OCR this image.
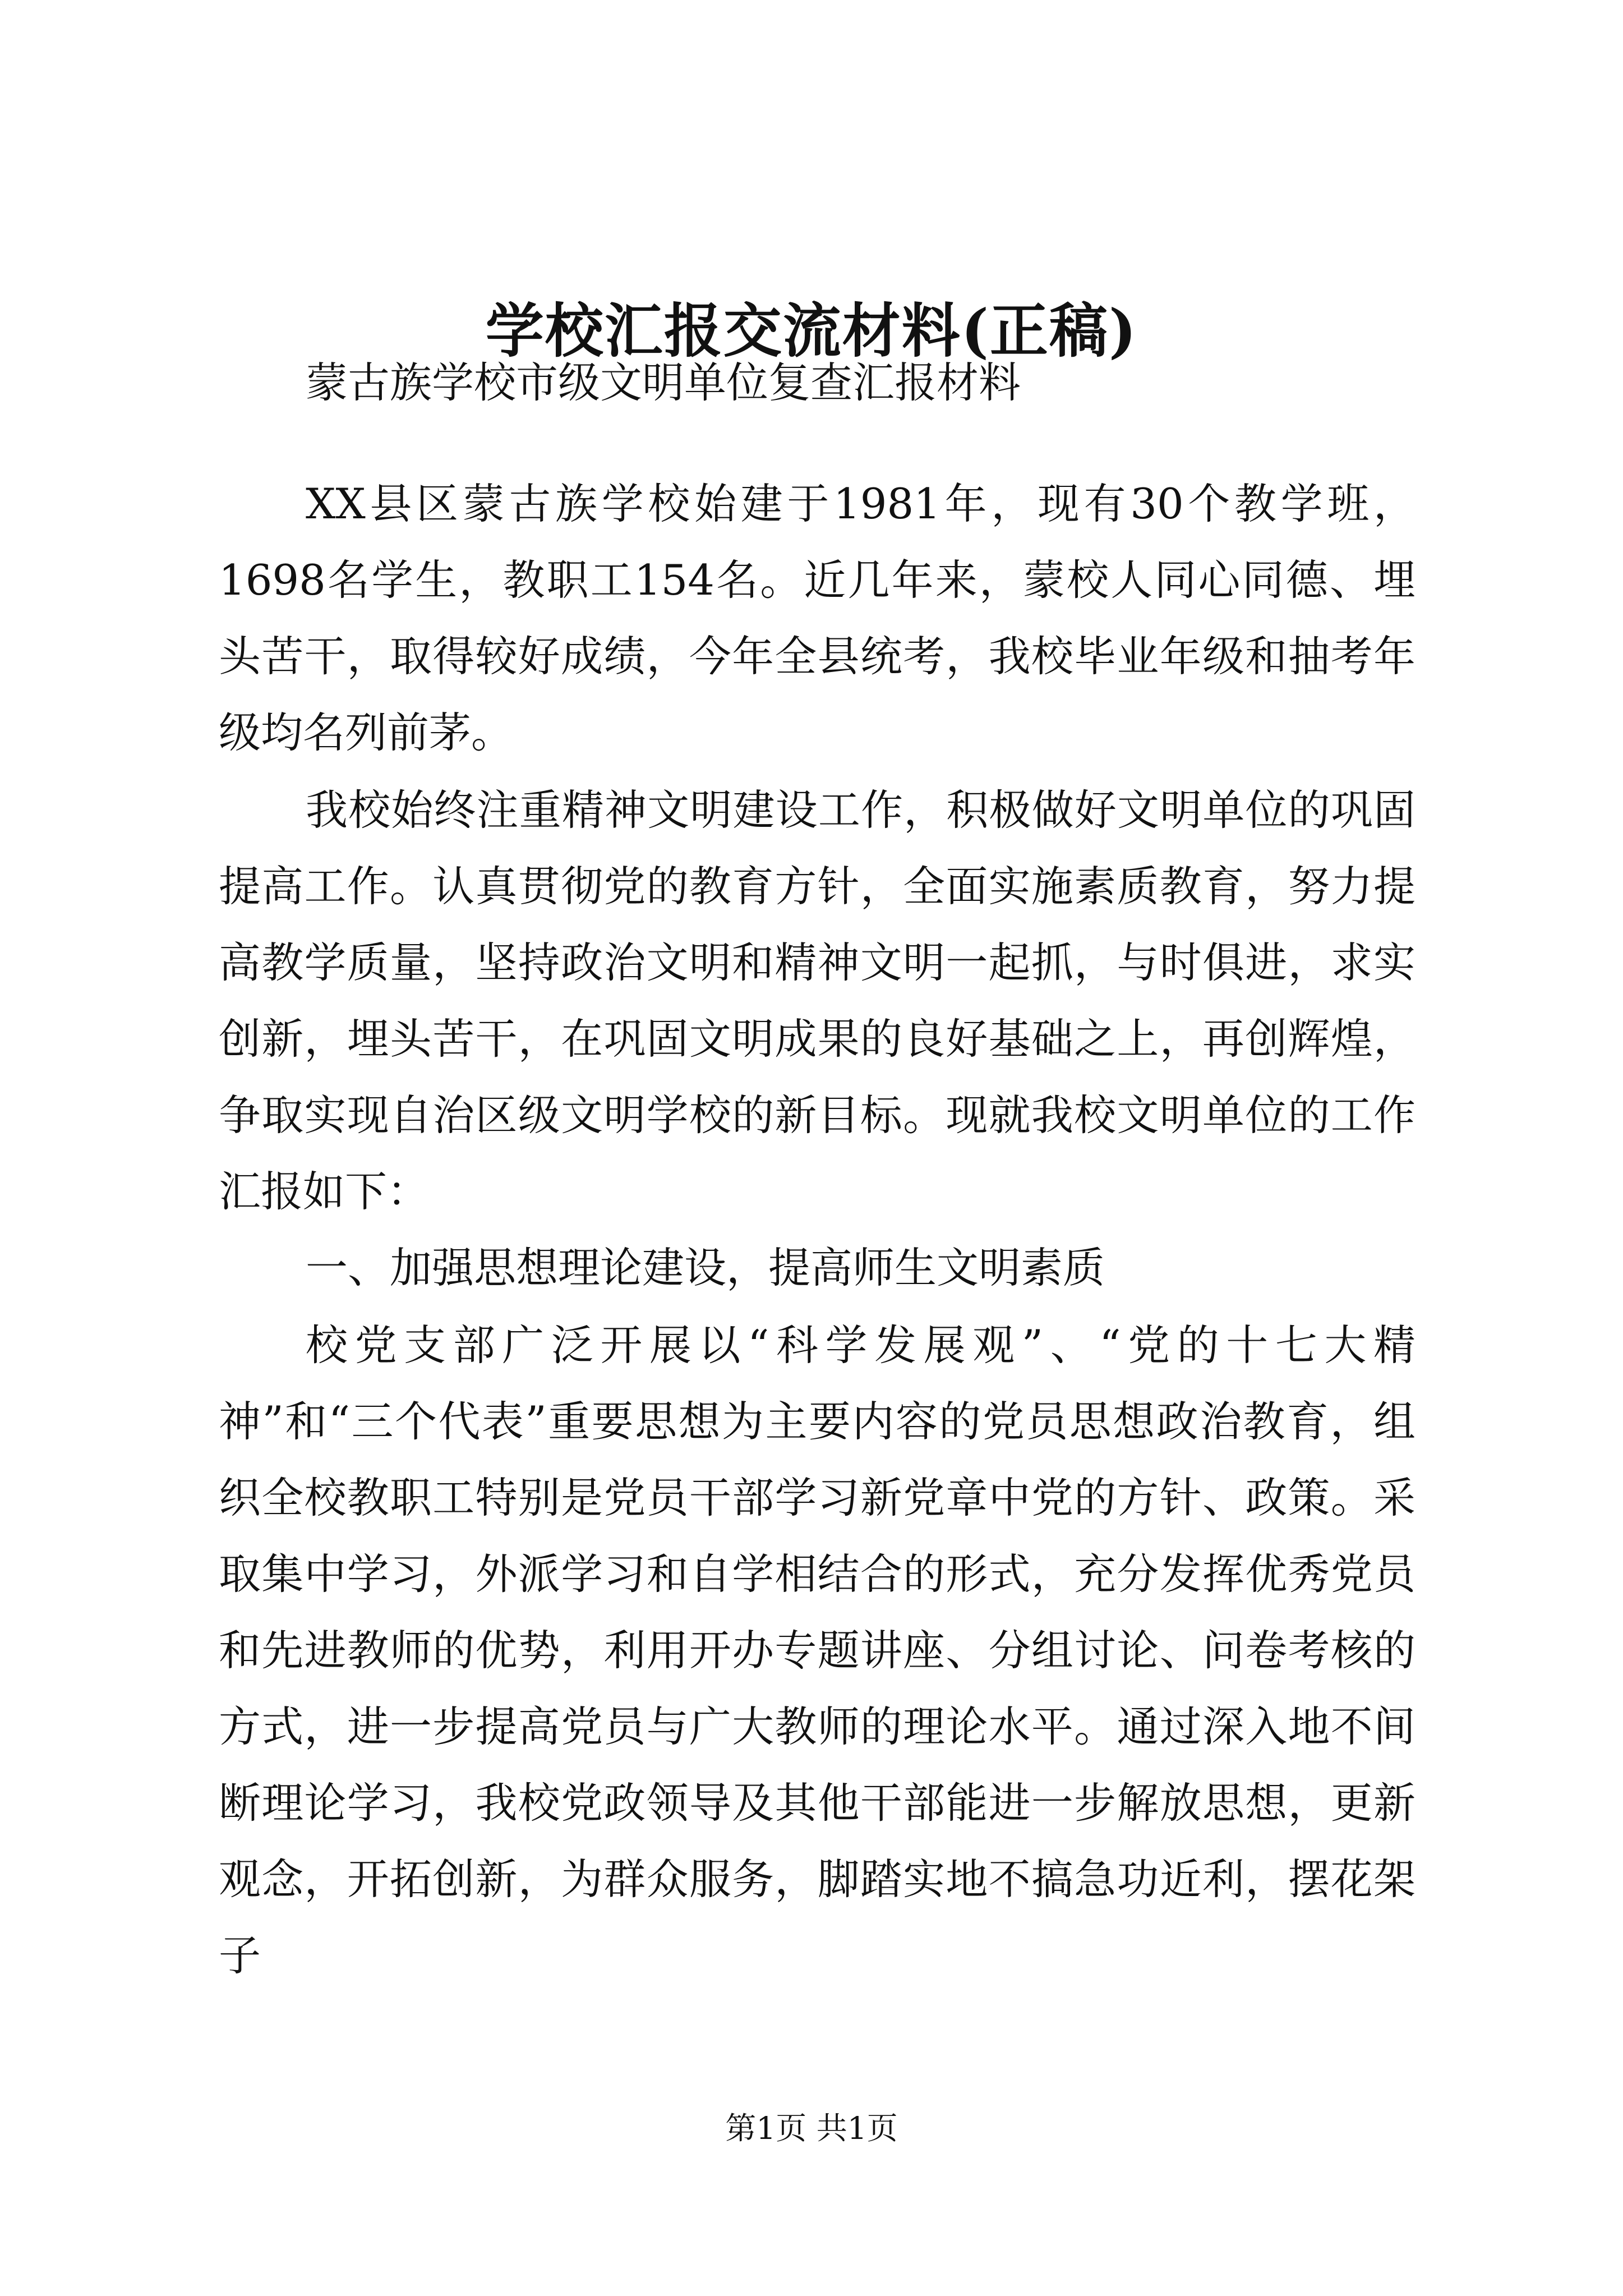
学校汇报交流材料(正稿)
蒙古族学校市级文明单位复查汇报材料

XX县区蒙古族学校始建于1981年，现有30个教学班，1698名学生，教职工154名。近几年来，蒙校人同心同德、埋头苦干，取得较好成绩，今年全县统考，我校毕业年级和抽考年级均名列前茅。

我校始终注重精神文明建设工作，积极做好文明单位的巩固提高工作。认真贯彻党的教育方针，全面实施素质教育，努力提高教学质量，坚持政治文明和精神文明一起抓，与时俱进，求实创新，埋头苦干，在巩固文明成果的良好基础之上，再创辉煌，争取实现自治区级文明学校的新目标。现就我校文明单位的工作汇报如下：

一、加强思想理论建设，提高师生文明素质

校党支部广泛开展以“科学发展观”、“党的十七大精神”和“三个代表”重要思想为主要内容的党员思想政治教育，组织全校教职工特别是党员干部学习新党章中党的方针、政策。采取集中学习，外派学习和自学相结合的形式，充分发挥优秀党员和先进教师的优势，利用开办专题讲座、分组讨论、问卷考核的方式，进一步提高党员与广大教师的理论水平。通过深入地不间断理论学习，我校党政领导及其他干部能进一步解放思想，更新观念，开拓创新，为群众服务，脚踏实地不搞急功近利，摆花架子

第1页 共1页
